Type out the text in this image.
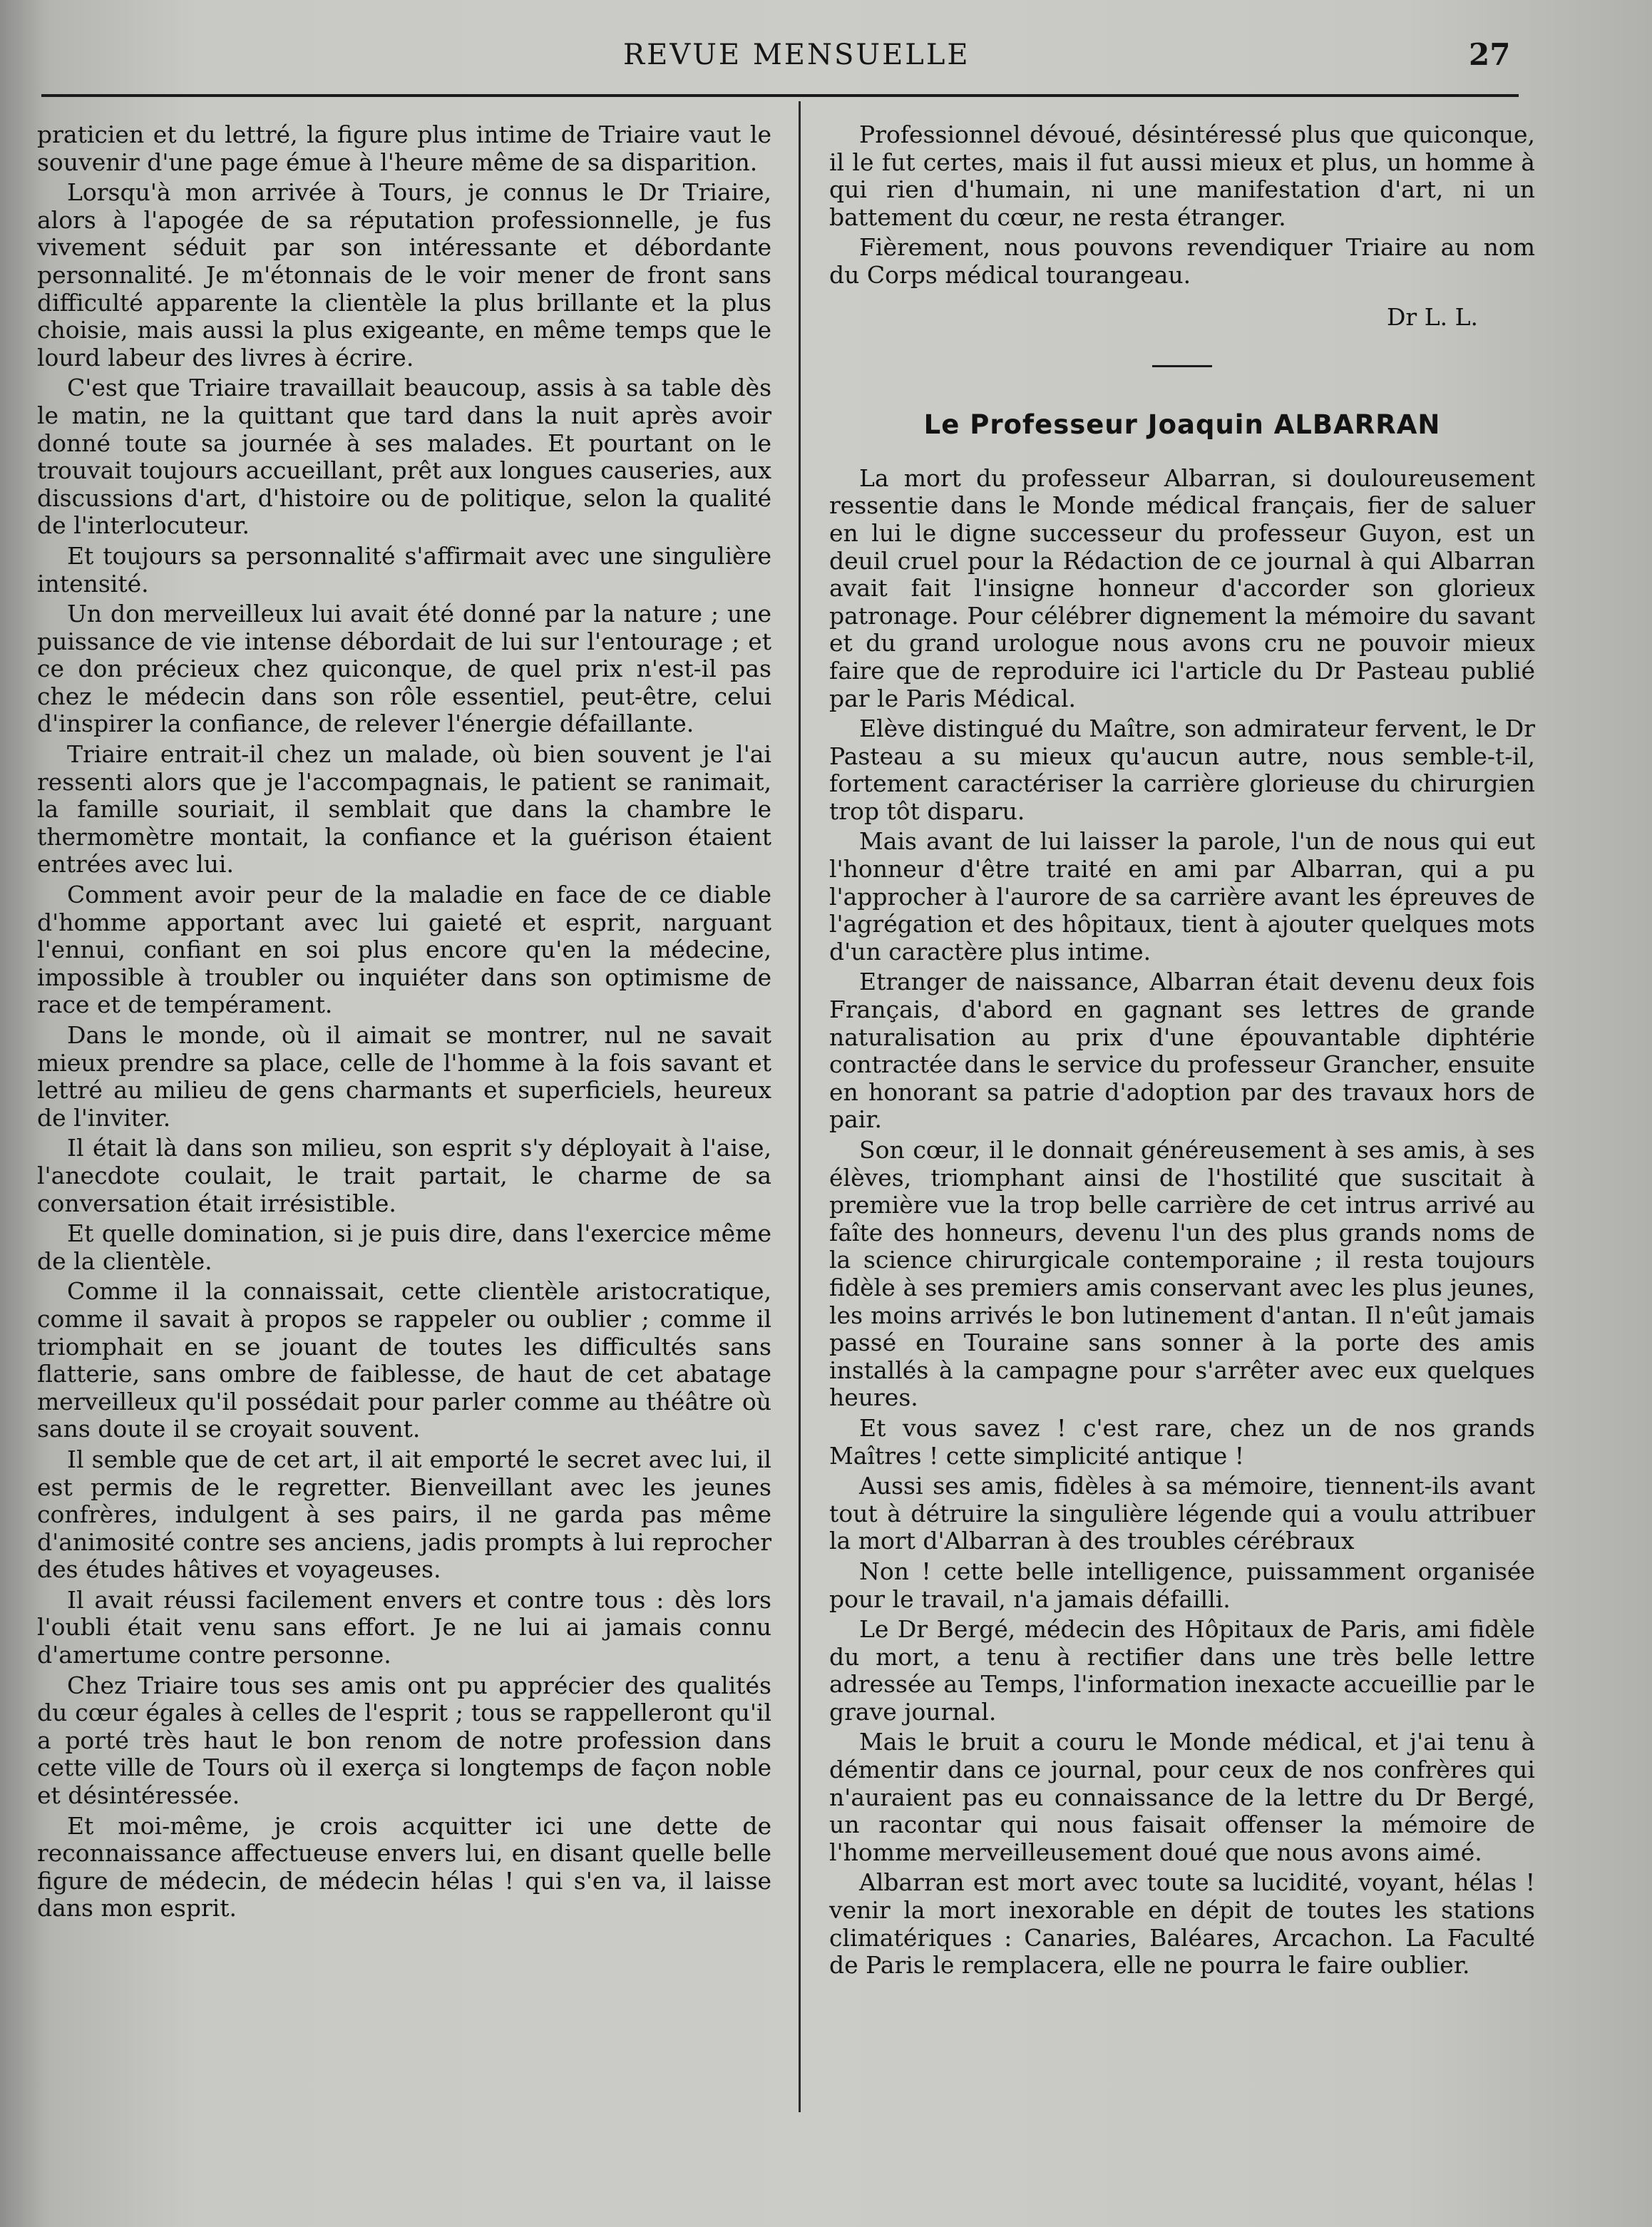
REVUE MENSUELLE	27

praticien et du lettré, la figure plus intime de Triaire vaut le souvenir d'une page émue à l'heure même de sa disparition.

Lorsqu'à mon arrivée à Tours, je connus le Dr Triaire, alors à l'apogée de sa réputation professionnelle, je fus vivement séduit par son intéressante et débordante personnalité. Je m'étonnais de le voir mener de front sans difficulté apparente la clientèle la plus brillante et la plus choisie, mais aussi la plus exigeante, en même temps que le lourd labeur des livres à écrire.

C'est que Triaire travaillait beaucoup, assis à sa table dès le matin, ne la quittant que tard dans la nuit après avoir donné toute sa journée à ses malades. Et pourtant on le trouvait toujours accueillant, prêt aux longues causeries, aux discussions d'art, d'histoire ou de politique, selon la qualité de l'interlocuteur.

Et toujours sa personnalité s'affirmait avec une singulière intensité.

Un don merveilleux lui avait été donné par la nature ; une puissance de vie intense débordait de lui sur l'entourage ; et ce don précieux chez quiconque, de quel prix n'est-il pas chez le médecin dans son rôle essentiel, peut-être, celui d'inspirer la confiance, de relever l'énergie défaillante.

Triaire entrait-il chez un malade, où bien souvent je l'ai ressenti alors que je l'accompagnais, le patient se ranimait, la famille souriait, il semblait que dans la chambre le thermomètre montait, la confiance et la guérison étaient entrées avec lui.

Comment avoir peur de la maladie en face de ce diable d'homme apportant avec lui gaieté et esprit, narguant l'ennui, confiant en soi plus encore qu'en la médecine, impossible à troubler ou inquiéter dans son optimisme de race et de tempérament.

Dans le monde, où il aimait se montrer, nul ne savait mieux prendre sa place, celle de l'homme à la fois savant et lettré au milieu de gens charmants et superficiels, heureux de l'inviter.

Il était là dans son milieu, son esprit s'y déployait à l'aise, l'anecdote coulait, le trait partait, le charme de sa conversation était irrésistible.

Et quelle domination, si je puis dire, dans l'exercice même de la clientèle.

Comme il la connaissait, cette clientèle aristocratique, comme il savait à propos se rappeler ou oublier ; comme il triomphait en se jouant de toutes les difficultés sans flatterie, sans ombre de faiblesse, de haut de cet abatage merveilleux qu'il possédait pour parler comme au théâtre où sans doute il se croyait souvent.

Il semble que de cet art, il ait emporté le secret avec lui, il est permis de le regretter. Bienveillant avec les jeunes confrères, indulgent à ses pairs, il ne garda pas même d'animosité contre ses anciens, jadis prompts à lui reprocher des études hâtives et voyageuses.

Il avait réussi facilement envers et contre tous : dès lors l'oubli était venu sans effort. Je ne lui ai jamais connu d'amertume contre personne.

Chez Triaire tous ses amis ont pu apprécier des qualités du cœur égales à celles de l'esprit ; tous se rappelleront qu'il a porté très haut le bon renom de notre profession dans cette ville de Tours où il exerça si longtemps de façon noble et désintéressée.

Et moi-même, je crois acquitter ici une dette de reconnaissance affectueuse envers lui, en disant quelle belle figure de médecin, de médecin hélas ! qui s'en va, il laisse dans mon esprit.

Professionnel dévoué, désintéressé plus que quiconque, il le fut certes, mais il fut aussi mieux et plus, un homme à qui rien d'humain, ni une manifestation d'art, ni un battement du cœur, ne resta étranger.

Fièrement, nous pouvons revendiquer Triaire au nom du Corps médical tourangeau.

Dr L. L.

Le Professeur Joaquin ALBARRAN

La mort du professeur Albarran, si douloureusement ressentie dans le Monde médical français, fier de saluer en lui le digne successeur du professeur Guyon, est un deuil cruel pour la Rédaction de ce journal à qui Albarran avait fait l'insigne honneur d'accorder son glorieux patronage. Pour célébrer dignement la mémoire du savant et du grand urologue nous avons cru ne pouvoir mieux faire que de reproduire ici l'article du Dr Pasteau publié par le Paris Médical.

Elève distingué du Maître, son admirateur fervent, le Dr Pasteau a su mieux qu'aucun autre, nous semble-t-il, fortement caractériser la carrière glorieuse du chirurgien trop tôt disparu.

Mais avant de lui laisser la parole, l'un de nous qui eut l'honneur d'être traité en ami par Albarran, qui a pu l'approcher à l'aurore de sa carrière avant les épreuves de l'agrégation et des hôpitaux, tient à ajouter quelques mots d'un caractère plus intime.

Etranger de naissance, Albarran était devenu deux fois Français, d'abord en gagnant ses lettres de grande naturalisation au prix d'une épouvantable diphtérie contractée dans le service du professeur Grancher, ensuite en honorant sa patrie d'adoption par des travaux hors de pair.

Son cœur, il le donnait généreusement à ses amis, à ses élèves, triomphant ainsi de l'hostilité que suscitait à première vue la trop belle carrière de cet intrus arrivé au faîte des honneurs, devenu l'un des plus grands noms de la science chirurgicale contemporaine ; il resta toujours fidèle à ses premiers amis conservant avec les plus jeunes, les moins arrivés le bon lutinement d'antan. Il n'eût jamais passé en Touraine sans sonner à la porte des amis installés à la campagne pour s'arrêter avec eux quelques heures.

Et vous savez ! c'est rare, chez un de nos grands Maîtres ! cette simplicité antique !

Aussi ses amis, fidèles à sa mémoire, tiennent-ils avant tout à détruire la singulière légende qui a voulu attribuer la mort d'Albarran à des troubles cérébraux

Non ! cette belle intelligence, puissamment organisée pour le travail, n'a jamais défailli.

Le Dr Bergé, médecin des Hôpitaux de Paris, ami fidèle du mort, a tenu à rectifier dans une très belle lettre adressée au Temps, l'information inexacte accueillie par le grave journal.

Mais le bruit a couru le Monde médical, et j'ai tenu à démentir dans ce journal, pour ceux de nos confrères qui n'auraient pas eu connaissance de la lettre du Dr Bergé, un racontar qui nous faisait offenser la mémoire de l'homme merveilleusement doué que nous avons aimé.

Albarran est mort avec toute sa lucidité, voyant, hélas ! venir la mort inexorable en dépit de toutes les stations climatériques : Canaries, Baléares, Arcachon. La Faculté de Paris le remplacera, elle ne pourra le faire oublier.
